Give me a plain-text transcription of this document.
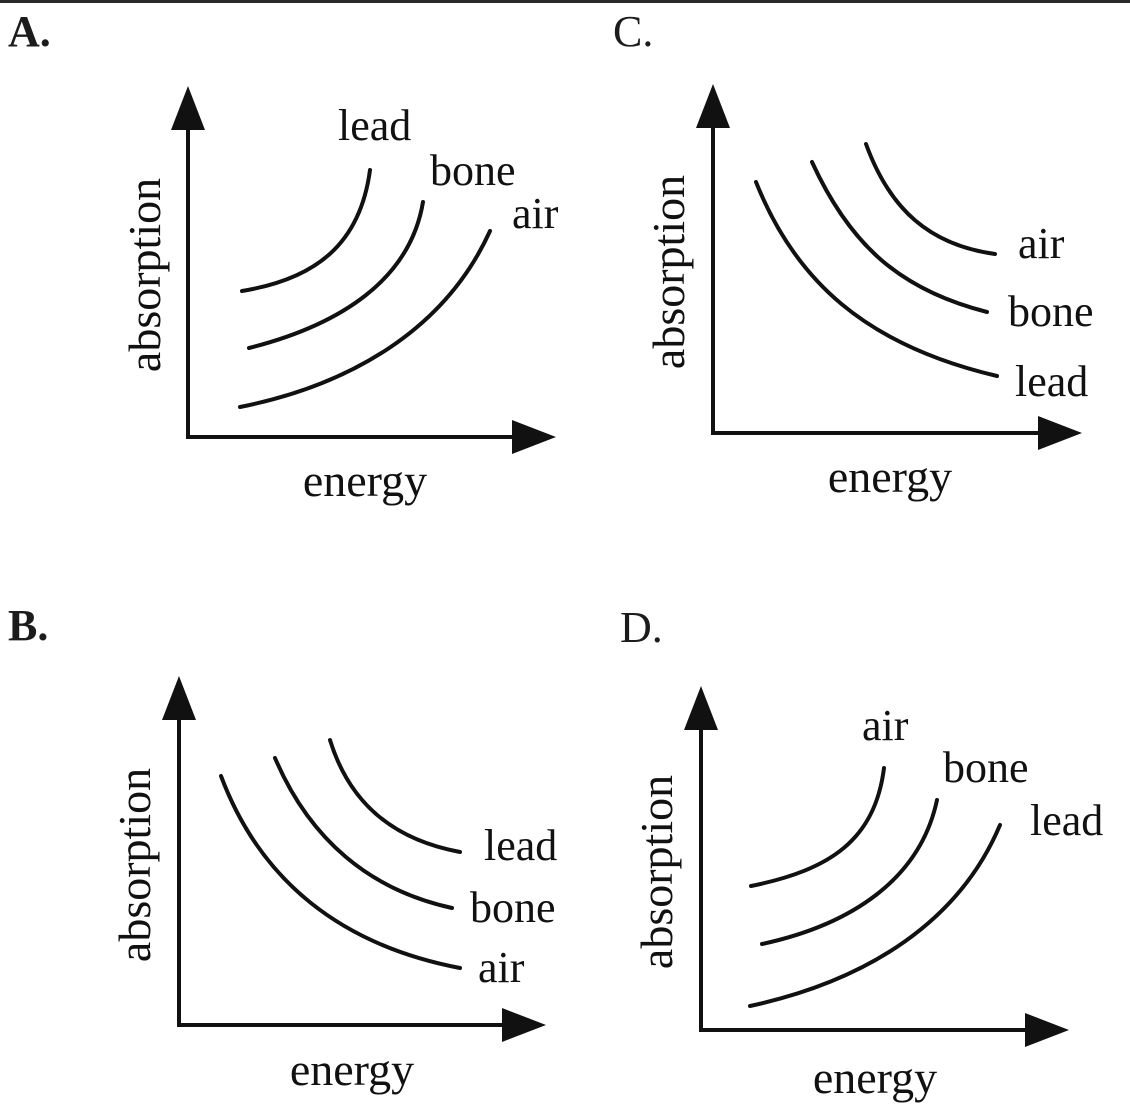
A.
absorption
energy
lead
bone
air
C.
absorption
energy
air
bone
lead
B.
absorption
energy
lead
bone
air
D.
absorption
energy
air
bone
lead
